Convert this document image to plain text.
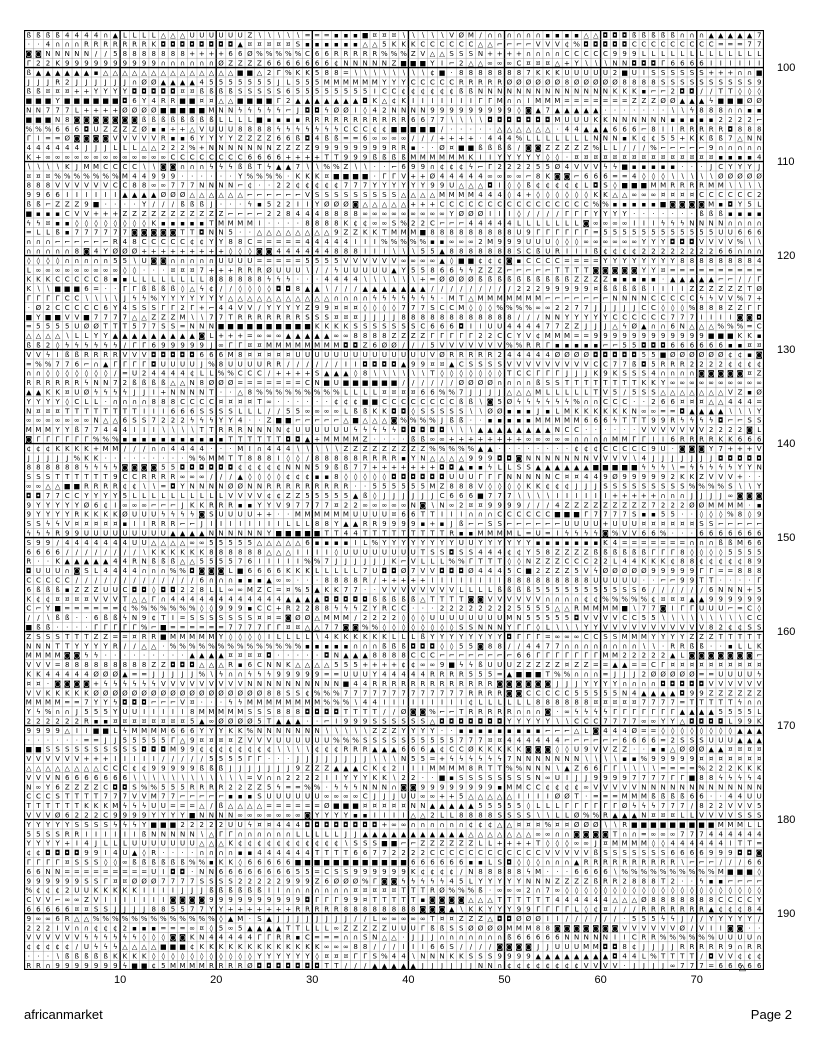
ß ß ß ß 4 4 4 4 ∩ ▲ L L L L △ △ △ U U U U U U Z ∖ ∖ ∖ ∖ ∖ = = = ▪ ▪ ▪ ■ ¤ ¤ ¤ ∖ ∖ ∖ ∖ ∖ V Ø M / ∩ ∩ ∩ ∩ ∩ ∩ ▪ ▪ ▪ ▪ △ △ ◘ ◘ ◘ ß ß ß ß ß ∩ ∩ ∩ ▲ ▲ ▲ ▲ ▲ 7
· · 4 ∩ ∩ ∩ R R R R R R R K ◘ ◘ ◘ ◘ ◘ ◘ ◘ ◘ ▲ ¤ ¤ ¤ ¤ ¤ S ▪ ▪ ▪ ▪ ▪ ▪ △ △ 5 K K K C C C C C C △ △ ⌐ ⌐ ⌐ ⌐ V V V ¢ % ◘ ◘ ◘ ◘ ◘ C C C C C C C C C = = = 7 7
◙ ◙ N N N N N / / 5 8 8 8 8 8 8 8 + + + + 6 6 Ø % % % % % C 6 6 R R R R R % % % Z V △ △ S S S N + + + + ∩ ∩ ∩ ∩ C C C C C 9 9 9 L L L L L L L L L L L L L
Γ 2 2 K 9 9 9 9 9 9 9 9 9 9 ∩ ∩ ∩ ∩ ∩ ∩ Ø Z Z Z Z 6 6 6 6 6 6 6 ¢ N N N N N Z ■ ■ ■ Y I ⌐ 2 △ △ ∞ ∞ ∞ C ¤ ¤ ¤ △ + Y ∖ ∖ ∖ N N ◘ ◘ ◘ Γ 6 6 6 6 I I I I I I
ß ▲ ▲ ▲ ▲ ▲ ▲ ▪ △ △ △ △ △ △ △ △ △ △ △ △ △ △ ■ ■ △ 2 Γ % K K 5 8 8 = ∖ ∖ ∖ ∖ ∖ ∖ ∖ ∖ ¢ ■ · 8 8 8 8 8 8 8 7 K K K U U U U U 2 ■ U I S S S S S S + + + ∩ ∩ ■
J J J R 2 J J J J J J ∩ Ø Ø ▲ ▲ ▲ ▲ 4 5 5 5 5 5 5 5 J L 5 5 5 M M M M M M Y Y Y C C C C C R R R R R Ø Ø Ø Ø Ø Ø 8 Ø Ø Ø Ø Ø 8 8 8 8 S S S S S S S S S S 9
ß ß ¤ ¤ ¤ + + Y Y Y Y ◘ ◘ ◘ ◘ ◘ ¤ ¤ ß ß ß ß S S S S S 6 5 5 5 5 5 5 5 5 I C C ¢ ¢ ¢ ¢ ¢ ¢ ß ß N N N N N N N N N N N N N N K K K ▪ ⌐ ⌐ 2 ◘ ◘ / / T T ◊ ◊ ◊
■ ■ ■ Y ■ ■ ■ ■ ■ ■ ◘ 6 Y 4 R R ■ ■ ¤ ¤ △ △ ■ ■ ■ ■ Γ 2 ▲ ▲ ▲ ▲ ▲ ▲ ▲ ◘ K △ ¢ K I I I I I I I Γ Γ M ∩ ∩ I M M M = = = = = = = Z Z Z Ø Ø ▲ ▲ ▲ ϟ ■ ■ ■ Ø Ø
N N 7 7 7 L + + + + Ø Ø Ø Ø ■ ■ ■ ■ ■ M N N ϟ ϟ ϟ ϟ ϟ ⌐ J ◘ ◘ ϟ Ø Ø I ◊ 4 2 N N N N 9 9 9 9 9 9 9 9 9 ◊ ◙ ▲ 7 ▲ ▲ ▲ ▲ ▲ · · · · · · · ∖ ∖ ϟ 8 8 8 ∩ ∩ ▪ ▪
■ ■ ■ N 8 ◙ ◙ ◙ ◙ ◙ ◙ ◙ ß ß ß ß ß ß ß ß L L L L ■ ▪ ▪ ▪ ▪ R R R R R R R R R R R 6 6 7 7 ∖ ∖ ∖ ∖ ◘ ◘ ◘ ◘ ◘ ◘ ◘ M U U U K K N N N N N N ▪ ▪ ▪ ▪ ▪ 2 2 2 2 ⌐
% % % 6 6 6 ◘ U Z Z Z Z Ø ▪ ▪ + + △ V U U U 8 8 8 8 ϟ ϟ ϟ ϟ ϟ ϟ ϟ C C C ¢ ¢ ■ ■ ■ ■ ■ / · · · · · △ △ △ △ △ △ · 4 4 ▲ ▲ ▲ 6 6 6 ⌐ 8 I I R R R R R ◘ 8 8 8
Γ I = = Ø ◙ ◙ ◙ ◙ V V V V V R ▪ ▪ 6 Y Y Y Y Z Z Z Z 6 6 ß ◘ 4 ß ß = = 6 ∞ ∞ ∞ ∞ / / / + + + + · 4 4 4 % L L L L L L L N N N ▪ K ¢ ¢ 5 5 + K K ß ß 7 △ N N
4 4 4 4 4 4 J J J L L L △ △ 2 2 2 % + N N N N N N N Z Z Z Z 9 9 9 9 9 9 9 9 R R ▪ · · Ø ¤ ■ ■ ß ß ß ß / ◙ ◙ Z Z Z Z Z % L L / / / % ⌐ ⌐ ⌐ ⌐ ⌐ 9 ∩ ∩ ∩ ∩ ∩
K + ∞ ∞ ∞ ∞ ∞ ∞ ∞ ∞ ∞ ∞ ∞ ∞ ∞ C C C C C C C C 6 6 6 6 + + + + T T 9 9 9 ß ß ß ß M M M M M M K I I Y Y Y Y Y ◊ ◊ · ¤ ¤ ¤ ¤ ¤ ¤ ¤ ¤ ¤ ¤ ¤ ¤ ¤ ¤ ¤ ▪ ▪ ▪ ▪ 4
∖ ∖ ∖ ∖ K J M M C C C C ∖ ∖ ◙ ◙ ∩ ∩ ∩ ϟ ϟ ϟ ß ß T ϟ ▲ ▲ 7 ∖ ∖ % % Z ∖ ∖ · · ⌐ 6 9 9 ∩ ¢ ¢ ¢ ϟ ⌐ Γ 2 2 2 2 5 5 Ø 4 V V V ϟ ϟ ■ ▪ ▪ ▪ ▪ ▪ · · · J C Y Y Y J
¤ ¤ ¤ % % % % % % % M 4 4 9 9 9 · · · · · · Y % % % % · K K K ¤ ■ ■ ■ ■ · Γ Γ V + + Ø 4 4 4 4 4 ∞ ∞ ∞ ∞ ⌐ 8 K ◙ ◙ ⌐ 6 6 6 = = 4 ◊ ◊ ◊ ∖ ∖ ∖ ∖ ∖ Ø Ø Ø Ø Ø
8 8 8 V V V V V V C C 8 8 ∞ ∞ 7 7 7 N N N N ⌐ ¢ · · 2 2 ¢ ¢ ¢ ¢ ¢ 7 7 7 Y Y Y Y Y Y 9 9 U △ △ △ ◘ I ◊ ◊ ß ¢ ¢ ¢ ¢ ¢ L ◘ S ◊ ■ ■ ■ M M R R R R M M ∖ ∖ ∖ ∖
9 9 6 6 I I I I I I ▲ ▲ ▲ ▲ Ø Ø Ø △ △ △ △ △ △ ⌐ ⌐ ⌐ ⌐ ⌐ ⌐ V S S S S S S S S S △ △ △ △ M M M M 4 4 4 ◊ 4 + ◊ ◊ ◊ ◊ ◊ ◊ K K △ △ ∞ ∞ ∞ ¤ ¤ ¤ ¤ C C C C C C 2
ß ß ⌐ Z Z Z 9 ■ · · · · Y / / / ß ß ß J · · · ϟ ▪ 5 2 2 I I Y Ø Ø Ø ◙ △ △ △ △ △ + + + C C C C C C C C C C C C C C C C % % ▪ ▪ ▪ ▪ ▪ ■ ◙ ◙ ◙ ◙ M ▪ ◘ Y 5 L
■ ▪ ▪ ▪ C V V + + + Z Z Z Z Z Z Z Z Z Z Z ⌐ ⌐ ⌐ ⌐ 2 2 8 4 4 4 8 8 8 8 ∞ ∞ ∞ ∞ ∞ ∞ ∞ ∞ ∞ Y Ø Ø Ø I I I ◊ / / / / Γ Γ Γ Y Y Y Y · · · · · · · ß ß ß ▪ ▪ ▪ ▪
ϟ ϟ ¤ ▪ ▪ ◊ ◊ ◊ ◊ ◊ ◊ ◊ ◊ K ▪ ▪ ▪ ▪ ▪ T M M M M I · · · · 8 8 8 8 K ¢ ¢ ∞ ∞ S % 2 2 C ⌐ ⌐ ⌐ 4 4 4 4 4 L L L L L L L ◙ ∞ ∞ ∞ ∞ I I I ϟ ϟ ϟ N N N N ∩ ∩ ∩ ∩
= L L ß ▪ 7 7 7 7 7 7 ◙ ◙ ◙ ◙ ◙ T T ◘ N N 5 · · △ △ △ △ △ △ △ △ 9 Z Z K K T M M M ■ 8 8 8 8 8 8 8 8 8 U 9 Γ Γ Γ Γ Γ Γ = 5 5 5 5 5 5 5 5 5 5 5 5 U U 6 6 6
∩ ∩ ∩ ⌐ ⌐ ⌐ ⌐ ⌐ ⌐ R 4 8 C C C C C ¢ ¢ Y Y 8 8 C = = = = = 4 4 4 4 4 I I I % % % % % ▪ ▪ ∞ ∞ ∞ 2 M 9 9 9 U U U ◊ ◊ ◊ ∞ ∞ ∞ ∞ ∞ ∞ Y Y Y ◘ ◘ ◘ V V V V % ∖ ∖
∩ ∩ ∩ ∩ ∩ 8 ◙ 4 Y Ø Ø Ø + + + + + + + + + ◊ ◊ ◊ ◙ ◙ 4 4 4 4 4 4 8 8 8 I I I ∖ ∖ ∖ 5 5 ▲ 8 8 8 8 8 8 8 S C ß U R I I I ß ¢ ¢ ¢ ¢ 2 2 2 2 2 2 2 2 6 6 ∩ ∩ ∩
◊ ◊ ◊ ◊ ∩ ∩ ∩ ∩ ∩ 5 5 ∖ U ◙ ◙ ∩ ∩ ∩ ∩ ∩ U U U U = = = = = 5 5 5 5 V V V V V V ∞ ∞ ∞ ∞ ▲ ◊ ■ ■ ¢ ¢ ¢ ◙ ▪ C C C C = = = = Y Y Y Y Y Y Y Y 8 8 8 8 8 8 8 8 4
L ∞ ∞ ∞ ∞ ∞ ∞ ∞ ∞ ∞ ◊ ◊ · · · ¤ ¤ ¤ 7 + + + R R R Ø U U U ∖ / / ϟ U U U U U ▲ Y 5 5 8 6 6 ϟ ϟ Z Z Z ⌐ ⌐ ⌐ ⌐ ⌐ T T T T ◙ ◙ ◙ ◙ ◙ Y Y ¤ = = = = = = = = = =
K K K C C C C C 8 ▪ ▪ L L L L L L L L 8 8 8 8 8 8 ϟ ϟ ϟ · · · 4 4 4 4 ∖ ∖ ∖ ∖ ∖ ∖ + = Ø Ø Ø Ø ß ß ß ß ß ß ß ß ß ß Z Z Z Z ▪ ▪ ▪ ▪ ▪ · ▲ ▲ ▲ ▲ ▲ ⌐ ⌐ / / Γ
K ∖ ∖ ■ ■ ■ 6 = · · Γ Γ ß ß ß ß ◊ △ ϟ ¢ / / ◊ ◊ ◊ ◊ ◘ ◘ 8 ▲ ▲ ∖ / / / ▲ ▲ ▲ ▲ ▲ ▲ ▲ / / / / / / / / / 2 2 2 9 9 9 9 9 ¤ ß ß ß ß ß I I I I Z Z Z Z Z Z T Ø
Γ Γ Γ Γ C C ∖ ∖ ∖ ∖ J ϟ ϟ % Y Y Y Y Y Y Y △ △ △ △ △ △ △ △ △ △ △ ∩ ∩ ∩ ∩ ϟ ϟ ϟ ϟ ϟ ϟ ϟ · M T △ M M M M M M M ⌐ ⌐ ⌐ ⌐ ⌐ ⌐ ⌐ N N N N C C C C C ϟ ϟ V V % 7 +
· Ø 2 C C C C C 6 Y 4 S S S Γ Γ 2 Γ + ⌐ 4 4 V V / Y Y Y Y Z 9 9 ¤ ¤ ¤ ◊ ◊ ◊ ◊ 7 7 7 S C C M ◊ ◊ ◊ % % % % ∞ ∞ 2 2 7 7 J J J J J C C ◊ ◊ ◊ % 8 8 8 Z Z Γ Γ
■ Y ■ ■ V V ■ 7 7 7 7 △ △ Z Z Z M ∖ ∖ 7 7 T R R R R R R R S S S ¤ ¤ ¤ J J J J 8 8 8 8 8 8 8 8 8 8 8 8 / / / N N Y Y Y Y Y C C C C C C 7 7 7 I I I I ◙ ◙ ◘
= 5 5 5 5 U Ø Ø T T T 5 7 7 S S = N N N ■ ■ ■ ■ ■ ■ ■ ■ ■ ■ K K K K S S S S S S S C 6 6 6 ◘ I I U U 4 4 4 4 7 7 Z Z J J J △ ϟ Ø ▲ ∩ ∩ 6 N △ △ △ % % % = C
△ △ △ △ ∖ L L Y Y ▲ ▲ ▲ ▲ ▲ ▲ ▲ ▲ ▲ ◙ L + + + = ∞ ∞ ∞ ▲ ▲ ▲ ▲ ▲ ∞ ∞ 8 8 8 8 Z Z Z Z Γ Γ Γ Γ Γ 2 2 C C Y V ¢ M M M = = 9 9 9 9 9 9 9 9 9 9 9 9 ■ ■ ■ K K ▪
ß ß 2 ◊ ϟ ϟ ϟ ϟ ϟ ϟ / Γ Γ 6 9 9 9 9 9 J ∞ Γ Γ ¤ ¤ M M M M M M M M ◘ ◘ Z 6 Ø Ø / / / 5 V V V V V V V % % R R Γ ▪ ▪ ▪ ▪ ▪ ⌐ ⌐ 5 5 ◘ ◘ ◘ 6 6 6 6 6 6 ▪ ▪ ¤ ¤
V V ϟ I ß ß R R R R V V V ◘ ◘ ◘ ◘ ◘ 6 6 6 M 8 ¤ ¤ ¤ ¤ ¤ U U U U U U U U U U U U U U V Ø R R R R R 2 4 4 4 4 4 Ø Ø Ø Ø ◘ ◘ ◘ ◘ ◘ 5 5 ■ Ø Ø Ø Ø Ø Ø ¢ ¢ ▪ ◙
= % % 7 7 6 ⌐ ∩ ▲ Γ Γ Γ Γ ◘ U U U U J % 8 U U U U R R / / / / / / I I ◘ ◘ ◘ ◘ ▲ 9 9 ¤ ¤ ▲ C S S S S V V V V V V V V V C C 7 7 ß ◘ 5 R R R 2 2 2 2 ¢ ¢ ¢ ¢
∩ ∩ ◊ ◊ ◊ ◊ ◊ ◊ ◊ / = U 2 4 4 4 4 ¢ L L % % C C C / + + + + S ▲ ▲ ▲ ◊ 8 ∖ ∖ ∖ ∖ ∖ ∖ T ◊ ◊ ◊ ◊ ◊ ◊ ◊ T C C Γ Γ Γ J J J K 9 K S S S 4 ∩ ∩ ∩ ∩ ◙ ◙ ◙ ◙ ◙ ¤ Z
R R R R R R ϟ N N 7 2 ß ß ß ß △ △ N 8 Ø Ø Ø = = = = = = = C N ■ U ■ ■ ■ ■ ■ ■ / / / / / / Ø Ø Ø Ø ∩ ∩ ∩ ∩ ß S S T T T T T T T T K K Y ∞ ∞ ∞ ∞ ∞ ∞ ∞ ∞ ∞ ∞
▲ ▲ K K ¤ U Ø ϟ ϟ ϟ ϟ J J I + N N N N T · · △ 8 % % % % % % % % % L L L L ¤ ¤ ¤ ¤ 6 6 % % 7 J J J J △ △ △ M L L L L L T V 5 / 5 S S △ △ △ △ △ △ △ V Z ▪ Ø
Y Y Y Y ◊ C L L · ∩ ∩ ∩ ∩ 8 8 8 C C C C ¤ ¤ ¤ ¤ T ∞ · · · · · · ¢ ¢ ¢ ■ ■ C C C C C C C C ß ß ∖ ◙ 5 Ø ϟ ϟ ϟ ϟ ϟ ϟ % ∩ ∩ C C C · · 2 6 6 ¤ ¤ ¤ △ △ 4 4 4 =
N ¤ ¤ ¤ T T T T T T T T I I I 6 6 6 S S S S L L L / / 5 5 ∞ ∞ ∞ ∞ L ß ß K K ◘ ◘ ◊ S S S S S ∖ ∖ Ø Ø ▪ ▪ ▪ J ▪ L M K K K K K K N ∞ ∞ = = ◘ ▲ ▲ ▲ ▲ ∖ ∖ ∖ Y
∞ ∞ ∞ ∞ ∞ ∞ ∞ N △ △ 6 S S 7 2 2 2 ϟ ϟ ϟ Y Y 4 · · Z ■ ■ ⌐ ⌐ ⌐ ⌐ ⌐ △ ■ △ △ △ ◙ % % % % J ß ß · · ▪ ▪ ▪ ▪ ▪ M M M M M 6 6 6 ϟ T T T 9 9 R ϟ ϟ ϟ ϟ ◘ ⌐ ⌐ S S
M M M Y Y ß 7 7 4 4 4 I I I ∖ ∖ ∖ ∖ T T R R R N N N N ¢ U U U U U U ϟ ϟ ϟ ϟ ϟ ◘ ◘ ◘ ◘ ◘ ∖ ∖ ∖ ▲ ▲ ▲ ▲ ▲ ▲ ▲ ▲ N C C · · · · · · V V V V V V V 2 2 2 2 ◙ L
◙ Γ Γ Γ Γ Γ Γ % % % ▪ ▪ ▪ ▪ ▪ ▪ ▪ ▪ ▪ ▪ ▪ T T T T T T ◘ ◘ ▲ + M M M M Z · · · · ß ß ∞ ∞ + + + + + + + + ∞ ∞ ∞ ∞ ∞ ∩ ∩ ∩ ∩ M M Γ Γ I I 6 R R R R K K 6 6 6
¢ ¢ ¢ K K K K + M M / / / ∩ ∩ 4 4 4 4 · · · M I ∩ 4 4 4 ∖ ∖ ∖ ∖ ∖ Z Z Z Z Z Z Z Z Z % % % % % ▲ ▲ · · · · · · · · ¢ ¢ ¢ C C C C C 9 U · ◙ ◙ ◙ Y 7 + + + V
J J J J J % K K · · · · · · · · · % % M M T T 8 8 8 I ◊ ◊ / 8 8 8 8 8 R R R R ▪ Y N △ △ △ △ 9 9 9 ◘ ◘ ◙ N N N N N N N V V V V ∖ 4 J J J J J J J ◘ ◘ ◘ ◘ ◘
8 8 8 8 8 8 ϟ ϟ ϟ ϟ ◙ ◙ ◙ ◙ 5 5 ◘ ◘ ◘ ◘ ◘ ◘ ¢ ¢ ¢ ¢ ¢ N N N 5 9 ß ß 7 7 + + + + + + + ◘ ◘ ▲ ▪ ▪ ϟ L L S S ▲ ▲ ▲ ▲ ▲ ▲ ■ ■ ■ ■ ■ ϟ ϟ ϟ ∖ = ϟ ϟ ϟ ϟ ϟ Y Y N
S S S T T T T T T 9 C C R R R R ∞ ∞ ∞ / / / ▲ ◊ ◊ ◊ ◊ ¢ ¢ ¢ ▪ ▪ 8 ◊ ◊ ◊ ◊ ◊ ◘ ◘ ◘ ◘ ◘ ◘ U U U Γ Γ Γ N N N N N C ¤ ¤ 4 4 9 Ø 9 9 9 9 9 2 K K Z V V V + · ·
∞ ∞ △ △ ■ ■ R R R R ¢ ¢ ∖ ∖ = ◘ Y N N N N Ø Ø N N R R R R R R R R R · · 5 5 5 5 5 5 M Z 8 8 8 V ◊ ◊ ◊ ◊ K K ¢ ¢ ¢ J J J S S S S S S S S S % % % % S ∖ ∖ Y
◘ ◘ 7 7 C C Y Y Y Y 5 L L L L L L L L L L V V V V ¢ ¢ Z Z 5 5 5 5 5 ▲ ß ◊ J J J J J J C 6 6 6 ■ 7 7 7 ∖ ∖ ∖ ∖ I I I I I I + + + + + ∩ ∩ ∩ J J J J ∞ ◙ ◙ ◙
9 Y Y Y Y Y Ø 6 ¢ I ∞ ∞ ∞ ⌐ ⌐ ⌐ J K K R R R ▪ ▪ Y Y V 9 7 7 7 7 ¤ 2 2 ∞ ∞ ∞ ∞ ∞ N ◙ ∖ N ∞ 2 ¤ ¤ 9 9 9 9 / / / 4 Z Z Z Z Z Z Z Z Z 7 2 2 2 Ø Ø M M M M · ▪
9 Y Y Y Y R K K K K Ø U U U ϟ ϟ ϟ ϟ ◙ S U U U U + + · · M M M M M M U U U U ¤ 6 6 T T I I I ∩ ∩ ∩ C C C C C C ■ ■ ■ Γ 7 7 7 7 S ▪ ▪ 5 5 · · ◊ ◊ ◊ % 8 ◊ 9
S S ϟ ϟ V ¤ ¤ ¤ ¤ ¤ ▪ I I R R R ⌐ ⌐ J I I I I I I I I L L L 8 8 Y ▲ ▲ R R 9 9 9 9 ▪ + ▪ J ß ⌐ ⌐ S S ⌐ ⌐ ⌐ ⌐ ⌐ ⌐ U U U U + U U U ¤ ¤ ¤ ¤ ¤ ¤ S S ⌐ ⌐ ⌐ ⌐ ⌐
ϟ ϟ ϟ R 9 9 U U U U U U U U U ▲ ▲ ▲ ▲ N N N N N N Y ■ ■ ■ ■ ■ T T 4 4 T T T T T T T T T R ▪ ▪ M M M M L = U = I ϟ ϟ ϟ ϟ ◙ % V V 6 6 % · · · 6 6 6 6 6 6 6
S 9 9 / 4 4 4 4 4 4 4 U U △ △ △ △ ∞ ∞ 5 5 5 5 5 △ △ △ △ △ 6 ▪ ▪ ▪ ▪ I L % Y Y Y Y Y Y Y Y U U Y Y Y Y Y Y ▪ ▪ ▪ ▪ ▪ ▪ ▪ K 4 = = = = = = = ∩ ∩ ∩ ß ß M 6 6
6 6 6 6 / / / / / / / / ∖ K K K K K K 8 8 8 8 8 8 △ △ △ I I I I ◊ U U U U U U U U T S S ◘ S S 4 4 4 ¢ ¢ Y 5 8 Z Z Z Z ß ß ß ß ß ß Γ Γ Γ 8 ◊ ◊ ◊ ◊ 5 5 5 5
R · · K ▲ ▲ ▲ ▲ ▲ 4 4 R N ß ß ß △ △ 5 5 5 5 7 6 I I I I I % % 7 J J J J J J K ⌐ V L L L % % Γ T T T ◊ ◊ N Z Z Z C C C 2 2 L 4 4 K K K ¢ 8 8 ¢ ¢ ¢ ¢ ¢ 8 9
◘ U U U ∩ ◙ S L 4 4 4 4 ∩ ∩ ∩ % % ◘ ◙ ◙ ◙ L ■ 6 6 6 6 K K K L L L L L 7 U ◘ ◘ Ø 7 V V ◘ ◘ ◘ Ø 4 4 4 5 C ■ 2 Z Z Z 5 V ϟ Ø Ø Ø Ø Ø 9 9 9 9 9 Γ Γ = = 8 8 8
C C C C C / / / / / / / / / / / / / 6 ∩ ∩ ∩ ▪ ▪ ▪ ▲ ∞ ∞ · · · 8 8 8 8 R / + + + + + I I I I I I I I 8 8 8 8 8 8 8 8 8 U U U U U · · ⌐ ⌐ 9 9 T T · · · · Γ
6 ß ß ß ▪ Z Z Z U U C ◘ ◘ ◊ ◘ ◘ 2 2 8 L L ∞ ∞ M Z C = ¤ % 5 ▲ K K 7 7 · · V V V V V V V V L L L L ß ß ß ß 5 5 5 5 5 5 5 5 5 S S 6 / / / / / / 6 N N N + 5
K ¢ ¢ ¤ ¤ ¤ ¤ V V V T △ △ Γ ∩ 4 4 4 4 4 4 4 4 4 4 4 4 ▲ ▲ ▲ ▲ ◘ ◘ ◘ ◘ ◘ ß ß ß ß ß △ T T T T ◙ ◙ V V V V V V ∩ ∩ ∩ ∩ ¢ ¢ % % % % % ¢ ¤ ¤ ¤ ▲ ▲ 9 9 9 9 9 9
C ⌐ Y ■ = = = = = = ¢ % % % % % % % ◊ ◊ 9 9 9 ▪ C C + R 2 2 8 8 ϟ ϟ ϟ Z Y R C C · · · 2 2 2 2 2 2 2 2 5 5 5 5 △ △ R M M M M ■ ∖ 7 7 ◙ I Γ Γ U U U ⌐ = C ◊
/ / ∖ ß ß · · 6 ß ß ϟ N 9 ¢ T I = S S S S S S S ¤ ¤ = ◙ Ø Ø △ M M M / 2 2 2 2 ◊ ◊ ◊ U U U U U U U U M N 5 5 5 5 5 ◘ V V V V C C 5 5 ∖ ∖ ∖ ∖ ∖ ∖ ∖ ∖ ∖ C C
■ ß ß · · · · Γ Γ Γ Γ Γ % ⌐ ■ = = = = = = 7 7 7 7 Γ Γ ¤ ¤ △ △ 7 7 ◙ ◙ % % ◊ ◊ ◊ ◊ ◊ ◊ ◊ ◊ S S N N N Y Γ Γ ◊ L ∖ ∖ ∖ Y Y V V V V V V V V V V V 8 2 ¢ ¢ S S
Z S S S T T T Z Z = = ¤ R R ■ M M M M M Y ◊ ◊ ◊ ◊ I L L L L ∖ 4 K K K K K K L L L ß Y Y Y Y Y Y Y Y ◘ Γ Γ Γ = ∞ ∞ ∞ C C S S M M M Y Y Y Y Z Z Z T T T T T
N N N T T Y Y Y Y R / / △ △ · % % % % % % % % % % % % % % ▪ ▪ ▪ ▪ ▪ ∩ ∩ ∩ ß ß ß ◘ ◘ ◘ ◊ ◊ 5 5 ◙ 8 8 / / 4 4 7 7 ∩ ∩ ∩ ∩ ∩ ∩ ∩ ∩ ∖ ∖ · R R ß ß · · ▪ L L K
M M M M ◙ ◙ ϟ ϟ · · · · · · · · · ▲ ▲ ▲ ▲ ¤ ¤ ¤ ¤ ◘ · · · · · ◘ N ▲ ▲ ▲ 8 8 8 8 C C C ⌐ ⌐ ⌐ ⌐ ⌐ ⌐ ⌐ ⌐ 6 6 Γ Γ Γ Γ Γ Γ Γ M M 2 2 2 2 2 ▲ L ◙ ◙ ◙ ◙ ◙ ◙ ◙ ⌐
V V V = 8 8 8 8 8 8 8 8 8 Z Z ◘ ◘ ◘ △ △ △ R ▪ 6 C N N K △ △ △ △ 5 5 5 + + + + ¢ ¢ ∞ ∞ 9 ■ ϟ ϟ ß U U U Z Z Z Z Z ¤ Z Z = = ▲ ▲ = = C Γ ¤ ¤ ¤ ¤ ¤ ¤ ¤ ¤ ¤ ¤
K K 4 4 4 4 4 Ø Ø Ø ▲ = = J J J J J % ∖ ϟ ∩ ∩ ϟ ϟ ϟ 9 9 9 9 9 = = U U U Y 4 4 4 4 4 R R R R 5 5 5 = ▲ ■ ■ ■ T % % ∩ ∩ ∩ = J J J 2 Ø Ø Ø Ø Ø = = U U U U ϟ
¤ ¤ · ◙ ◙ ◙ ◙ + ϟ ϟ ϟ ϟ ϟ ϟ V V V V V V V V V N N N N N N N N N N ■ 4 4 R R R R R R R R R R R R R ◙ ◙ ◙ ◙ ◙ ◙ J J J Y Y Y Y ∩ ∩ ∩ ∩ ◘ ◘ ◘ ◘ ◘ V V V V V V
V V K K K K K Ø Ø Ø Ø Ø Ø Ø Ø Ø Ø Ø Ø Ø Ø Ø Ø Ø Ø 8 8 S S ¢ % % % 7 7 7 7 7 7 7 7 7 7 7 7 7 R R R R ◙ ◙ C C C C C 5 5 5 5 5 N 4 ▲ ▲ ▲ ▲ ◘ 9 9 Z Z Z Z Z Z
M M M M = = 7 Y Y ϟ ◘ ◘ ◘ ⌐ ⌐ ⌐ V ¤ · · · ϟ ϟ M M M M M M M M % % % ∖ 4 4 I I I I I I I I I ¢ L L L L L L 8 8 8 8 8 8 ¤ ¤ ¤ ¤ ¤ 7 7 7 7 = T T T T T ϟ ∩ ∩
Y ϟ % ∩ ∩ J 5 5 5 Y U U I I I I I 8 M M M M M S S S 8 8 8 ◘ ◘ ◘ ◘ T T T T / / Ø ◙ ◙ % ⌐ ⌐ T R R R R R ∩ ∩ ∩ ◙ · ∞ ϟ ϟ ϟ ϟ Γ Γ Γ Γ Γ Γ Γ ▲ ▲ ▲ ▲ 5 5 5 5 L
2 2 2 2 2 2 R ▪ ▪ ¤ ¤ ¤ ¤ ¤ ¤ ¤ ¤ 5 ▲ ∞ Ø Ø Ø Ø 5 T ▲ ▲ ▲ · · ⌐ I 9 9 9 S S S S S S △ ◘ ◘ ◘ ◘ ◘ ◘ ◘ Y Y Y Y Y ∖ ∖ C C C 7 7 7 7 ∞ ∞ Y Y △ ◘ ◘ ◘ ◘ L 9 9 K
9 9 9 9 △ I I ■ ■ L ϟ M M M M 6 6 6 Y Y Y K K % N N N N N N N ∖ ∖ ∖ ∖ ∖ Z Z Z Y Y Y Y · · ▪ ▪ ▪ ▪ ▪ ▪ ▪ ▪ ▪ ⌐ ⌐ ⌐ △ L ◙ 4 4 4 Ø = = ◊ ◊ ◊ ◊ ◊ ◊ ◊ ◊ ▲ ▲ ▲
· · · · · · = = J J 5 5 5 5 5 Γ △ 9 ¤ ¤ ¤ ¤ Z V V V U U U U U U % % % S S S S S 5 5 5 5 5 7 7 7 ¤ ¤ 4 4 4 4 4 4 ⌐ ⌐ ⌐ ⌐ ⌐ ⌐ 6 6 6 6 = 2 S S S U U U ▲ ▲ ▲
■ ■ S S S S S S S S S S ◘ ◘ ◘ M 9 9 ¢ ¢ ¢ ¢ ¢ ¢ ¢ ¢ ∖ ∖ ∖ ∖ ¢ ¢ ¢ R R R ▲ ▲ ▲ 6 6 6 ▲ ¢ C C Ø K K K K K ◙ ◙ ◙ ◊ ◊ U 9 V V Z Z · · ▪ ▪ △ Ø Ø Ø ▲ ▲ ¤ ¤ ¤ ¤
V V V V V V + + + I I I I I / / / / / 5 5 5 5 Γ Γ · · · J J J J J J J J ∖ ∖ ∖ N 5 5 = + ϟ ϟ ϟ ϟ ϟ ϟ 7 N N N N N N N ∖ ∖ ∖ ∖ ▪ ▪ % 9 9 9 9 9 ¤ ¤ ¤ ¤ ¤ ¤ ¤
△ △ △ △ △ △ △ △ C C C ¢ ¢ 9 9 9 9 9 ß ß ß J J J J J J J 9 Z Z Z ▲ ▲ ▲ C K ¢ 2 I I I M M M M 8 R T T % % N N N ∖ ▲ Z 6 6 Γ Γ ∖ ∖ ∖ ∖ = = = = % 2 2 2 K K K
V V V N 6 6 6 6 6 6 6 ∖ ∖ ∖ ∖ ∖ ∖ ∖ ∖ ∖ ∖ ∖ ∖ = V ∩ ∩ 2 2 2 2 I I Y Y Y K K ∖ 2 2 · · ■ ▪ S S S S S S S S N ∞ U I J J 9 9 9 9 7 7 7 7 Γ Γ ■ 8 8 ϟ ϟ ϟ ϟ 4
N ∞ Y 6 Z Z Z Z C ◘ ◘ S % % 5 5 5 R R R R 2 2 Z Z 5 ϟ = = % % · ϟ ϟ ϟ N N N ∩ ◙ ◙ 9 9 9 9 9 9 9 9 ▪ M M C C ¢ ¢ ¢ ¢ ∞ V V V V V N N N N N N N N N N N N N
C C C S T T T T 7 7 7 V V M 7 7 ⌐ ⌐ ⌐ ⌐ ⌐ ▪ ▪ ▪ S U U U U U U ∞ ∞ ∞ ∞ C J J J U U ∞ ∞ + + 5 △ △ △ △ △ I I I I Ø Ø T · = = = M M M ß ß ß ß 6 6 · · 4 4 U U
T T T T T T K K K M ϟ ϟ ϟ U U = = = △ / ß △ △ △ △ = = = = = = Ø ■ ■ ■ ¤ ¤ ¤ ¤ ¤ N N ▲ ▲ ▲ ▲ ▲ 5 5 5 5 5 ◊ L L L Γ Γ Γ Γ Γ Γ Ø ϟ ϟ ϟ 7 7 7 / 8 2 2 V V V 5
V V V Ø 6 2 2 2 C 9 9 9 9 Y Y Y Y ■ N N N N ∞ ∞ ∞ ∞ ∞ ∞ ∞ ◙ Y Y Y Y ▪ ▪ I I I I △ △ 2 L L 8 8 8 8 S S S S ∖ ∖ L L Ø % % R ▲ ▲ ▲ N ¤ ¤ ¤ L L V V V V S S S
Y Y Y Y Y S S S S ϟ ϟ ϟ Y ■ ■ ■ 2 2 2 2 2 U U ϟ ¤ ¤ 4 4 4 ◘ ◘ ◘ ◘ ◘ ◘ ◘ ◘ + ∞ ∞ ∩ ∩ ∩ ∩ ∩ ∩ ¢ ¢ ¢ △ △ ¤ ¤ ¤ % ¤ ¤ Ø Ø Ø ∖ ∖ R ■ ■ ■ ■ ■ ■ ■ ■ ■ M M M L L
5 5 S S R R I I I I I I ß N N N N N ∖ △ Γ Γ ∩ ∩ ∩ ∩ ∩ ∩ L L L L L J J ▲ ▲ ▲ ▲ ▲ ▲ ▲ ▲ ▲ ▲ ▲ △ △ △ △ △ △ △ ∞ ∞ ∩ ∩ ◙ ◙ ◙ ◙ T ∩ ∩ = ∞ ∞ ∞ 7 7 7 4 4 4 4 4 4
Y Y Y Y + I 4 J L L L U U U U U U U △ △ △ K ¢ ¢ ¢ ¢ ¢ ¢ ¢ ¢ ¢ ¢ ¢ ∖ S S S ■ ■ ⌐ ⌐ Z Z Z Z Z Z L L + + + + T ◊ ◊ ◊ ∞ ∞ J ¤ M M M M ◊ ◊ 4 4 4 4 4 4 I T T =
¢ ¢ ◘ ◘ ◘ ◘ 9 9 I 4 U ▲ ◊ R · · · · ∩ ∩ ∩ ∩ ▪ ▪ 4 4 4 4 4 4 T T T T 6 6 7 7 2 2 2 2 C C C C C C C C C C C C V V V V V ß S S S S S S S 6 6 6 6 9 9 9 ◘ ◘ ◙
Γ Γ Γ Γ ¤ S S S ◊ ◊ ∞ ß ß ß ß ß ß % % ▪ K K ◊ 6 6 6 6 6 ■ ■ ■ ■ ■ ■ ■ ■ ■ ■ ■ ■ 6 6 6 6 6 6 ▪ ▪ L S ◘ ◊ ◊ ◊ ∩ ∩ ∩ ▲ R R R R R R R R R R ∖ ⌐ ⌐ ⌐ / / / 6 6
6 6 N N = = = = = = = = = U I ◘ ◘ · N N 6 6 6 6 6 6 6 6 5 5 = C S S 9 9 9 9 9 9 K ¢ ¢ ¢ ¢ / N 8 8 8 8 8 ϟ M · · · 6 6 6 6 ∖ % % % % % % % % % % M ■ ■ ■ ◊
9 9 9 9 9 9 S S Γ ¤ ¤ Ø Ø Ø 7 7 7 7 S S S S 2 2 2 2 2 9 9 9 Z 6 Ø Ø Ø % Γ ◙ ◙ ϟ ϟ ϟ ϟ ϟ 4 5 L Y Y Y Y Y N N N Z Z Z Z ß R R 2 8 8 8 T 2 · · ϟ ▪ ▪ ⌐ ⌐ ⌐ ⌐
% ¢ ¢ ¢ 2 U U K K K K K I I I I J J J ß ß ß ß ß ß I I ∩ ∩ ∩ ∩ ∩ ∩ ∩ ¤ ¤ ¤ ¤ ¤ T T T R Ø % % % ß · ∞ ∞ ∞ 2 ∩ 7 ∞ ◊ ◊ ◊ ◊ ◊ ◊ ◊ ◊ ◊ ◊ ◊ ◊ ◊ ◊ ◊ ◊ ◊ ◊ ◊ ◊ ◊
C V V ⌐ ∞ ∞ Z V I I I I I I I ◙ ◙ ◙ ◙ 9 9 9 9 9 9 9 9 9 9 ◘ Γ Γ Γ 9 9 ¤ T T T T T ▪ ◙ ◙ ◙ ◙ △ △ △ T T T T T T 4 4 4 4 4 4 △ △ △ Ø 8 8 8 8 8 8 8 C C C C Y
6 6 6 6 6 ¤ ¤ S S J J J J 8 8 5 5 7 7 Y Y + + + + + + + R R R R R 8 8 8 8 8 8 8 8 ◙ ◙ ◙ ▲ ∖ K K Y Y Y 9 9 Γ Γ Γ Γ L ◊ ¢ ¤ / / / R R R R R R R ▲ ¢ ¢ ¢ 8 4
9 ∞ ∞ 6 R △ △ % % % % % % % % % % % % % ◊ ▲ M · S ▲ J J J J J J J J / / L ∞ ∞ ∞ ∞ ∞ T ¤ ¤ Z Z Z △ ◘ ◘ Ø Ø Ø I I / / / / / / · 5 5 5 ϟ ϟ J / / Y Y Y Y Y /
2 2 2 I V ∩ ∩ ¢ ¢ ¢ 2 ▪ ▪ ▪ = = = ∞ ¤ ◊ 5 ∞ 5 ▲ ▲ ▲ ▲ T T L L L ∞ Z Z Z Z Z U U U Γ ß ß S S Ø Ø Ø Ø M M M 8 8 ◙ ◙ ◙ ◙ ◙ ◙ ◙ V V V V V V Ø / V I I ◙ ◙ · ·
V V V V V V ϟ ϟ ϟ ϟ ϟ ϟ ◊ ◊ ◊ ◙ ◙ K N 4 4 4 4 4 Γ Γ R R ▪ C = = = ∩ ∩ S N △ △ · J J J ∩ ∩ ∩ ∩ ∩ ∩ ∩ ß 6 6 6 6 6 N N N N N I I C R R % % % % % % U U U U ∩
¢ ¢ ¢ ¢ ¢ / U ϟ ϟ ϟ △ △ △ △ ■ ■ ■ ¢ K K K K K K K K K K K K K ∞ ∞ ∞ 8 8 / / / I I I 6 6 S / / / / ◙ ◙ ◙ ◙ J J U U U M M ◘ ◘ 8 ¢ J J J J R R R R R 9 ∩ R R
· · · ∖ ß ß ß ß ß K K K K ◊ ◊ ◊ ◊ ◊ ◊ ◊ ◊ ◊ ◊ ◊ Y Y Y Y Y Y ◊ ¤ ¤ ¤ Γ Γ S % 4 4 ∖ N N N K K S S S 9 9 9 9 ▲ ▲ ▲ ▲ ▲ ▲ ▲ ▲ ◘ 4 4 L % T T T T / ◘ V V ¢ ¢ ¢
R R ∩ 9 9 9 9 9 9 9 ϟ ■ ■ ¢ 5 M M M M R R R R Ø ◘ ◘ ◘ ◘ ◘ ◘ ◘ T T / / / ▲ ▲ ▲ ▲ ▲ J J J J J J N N ∩ ¢ ¢ ¢ ¢ ¢ ¢ ¢ ¢ V V V V · J J J J ∞ 7 7 7 = 6 6 6 6 6
100
110
120
130
140
150
160
170
180
190
10	20	30	40	50	60	70
△
africanmarket	Page 2
